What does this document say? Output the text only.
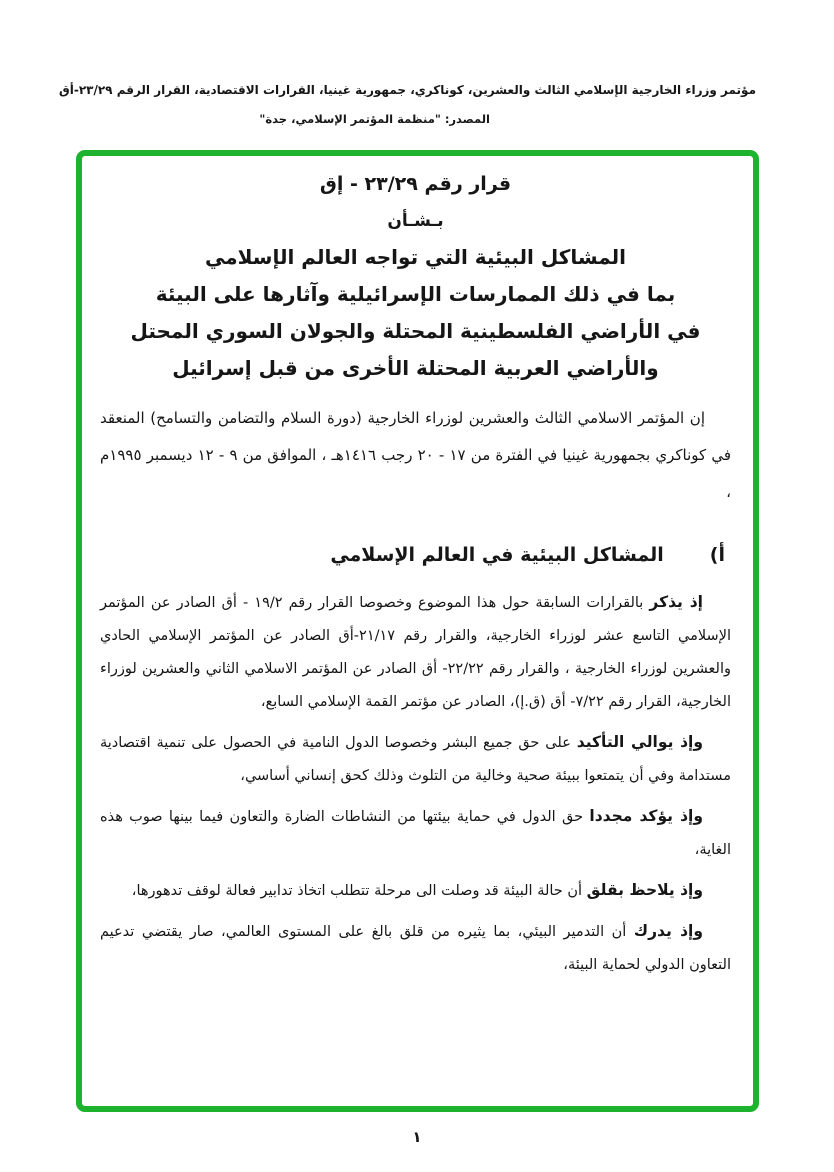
مؤتمر وزراء الخارجية الإسلامي الثالث والعشرين، كوناكري، جمهورية غينيا، القرارات الاقتصادية، القرار الرقم ٢٣/٢٩-أق
المصدر: "منظمة المؤتمر الإسلامي، جدة"
قرار رقم ٢٣/٢٩ - إق
بـشـأن
المشاكل البيئية التي تواجه العالم الإسلامي
بما في ذلك الممارسات الإسرائيلية وآثارها على البيئة
في الأراضي الفلسطينية المحتلة والجولان السوري المحتل
والأراضي العربية المحتلة الأخرى من قبل إسرائيل

إن المؤتمر الاسلامي الثالث والعشرين لوزراء الخارجية (دورة السلام والتضامن والتسامح) المنعقد في كوناكري بجمهورية غينيا في الفترة من ١٧ - ٢٠ رجب ١٤١٦هـ ، الموافق من ٩ - ١٢ ديسمبر ١٩٩٥م ،

أ)
المشاكل البيئية في العالم الإسلامي

إذ يذكر بالقرارات السابقة حول هذا الموضوع وخصوصا القرار رقم ١٩/٢ - أق الصادر عن المؤتمر الإسلامي التاسع عشر لوزراء الخارجية، والقرار رقم ٢١/١٧-أق الصادر عن المؤتمر الإسلامي الحادي والعشرين لوزراء الخارجية ، والقرار رقم ٢٢/٢٢- أق الصادر عن المؤتمر الاسلامي الثاني والعشرين لوزراء الخارجية، القرار رقم ٧/٢٢- أق (ق.إ)، الصادر عن مؤتمر القمة الإسلامي السابع،

وإذ يوالي التأكيد على حق جميع البشر وخصوصا الدول النامية في الحصول على تنمية اقتصادية مستدامة وفي أن يتمتعوا ببيئة صحية وخالية من التلوث وذلك كحق إنساني أساسي،

وإذ يؤكد مجددا حق الدول في حماية بيئتها من النشاطات الضارة والتعاون فيما بينها صوب هذه الغاية،

وإذ يلاحظ بقلق أن حالة البيئة قد وصلت الى مرحلة تتطلب اتخاذ تدابير فعالة لوقف تدهورها،

وإذ يدرك أن التدمير البيئي، بما يثيره من قلق بالغ على المستوى العالمي، صار يقتضي تدعيم التعاون الدولي لحماية البيئة،

١
